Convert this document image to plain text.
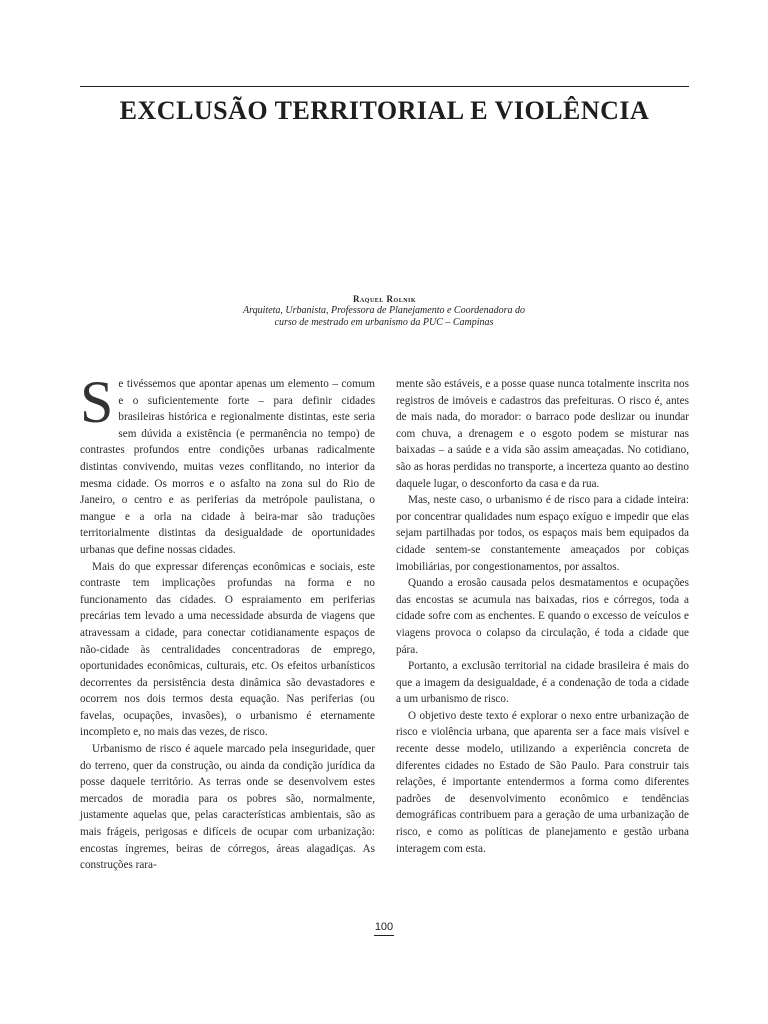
EXCLUSÃO TERRITORIAL E VIOLÊNCIA
Raquel Rolnik
Arquiteta, Urbanista, Professora de Planejamento e Coordenadora do
curso de mestrado em urbanismo da PUC – Campinas

Se tivéssemos que apontar apenas um elemento – comum e o suficientemente forte – para definir cidades brasileiras histórica e regionalmente distintas, este seria sem dúvida a existência (e permanência no tempo) de contrastes profundos entre condições urbanas radicalmente distintas convivendo, muitas vezes conflitando, no interior da mesma cidade. Os morros e o asfalto na zona sul do Rio de Janeiro, o centro e as periferias da metrópole paulistana, o mangue e a orla na cidade à beira-mar são traduções territorialmente distintas da desigualdade de oportunidades urbanas que define nossas cidades.

Mais do que expressar diferenças econômicas e sociais, este contraste tem implicações profundas na forma e no funcionamento das cidades. O espraiamento em periferias precárias tem levado a uma necessidade absurda de viagens que atravessam a cidade, para conectar cotidianamente espaços de não-cidade às centralidades concentradoras de emprego, oportunidades econômicas, culturais, etc. Os efeitos urbanísticos decorrentes da persistência desta dinâmica são devastadores e ocorrem nos dois termos desta equação. Nas periferias (ou favelas, ocupações, invasões), o urbanismo é eternamente incompleto e, no mais das vezes, de risco.

Urbanismo de risco é aquele marcado pela inseguridade, quer do terreno, quer da construção, ou ainda da condição jurídica da posse daquele território. As terras onde se desenvolvem estes mercados de moradia para os pobres são, normalmente, justamente aquelas que, pelas características ambientais, são as mais frágeis, perigosas e difíceis de ocupar com urbanização: encostas íngremes, beiras de córregos, áreas alagadiças. As construções rara-

mente são estáveis, e a posse quase nunca totalmente inscrita nos registros de imóveis e cadastros das prefeituras. O risco é, antes de mais nada, do morador: o barraco pode deslizar ou inundar com chuva, a drenagem e o esgoto podem se misturar nas baixadas – a saúde e a vida são assim ameaçadas. No cotidiano, são as horas perdidas no transporte, a incerteza quanto ao destino daquele lugar, o desconforto da casa e da rua.

Mas, neste caso, o urbanismo é de risco para a cidade inteira: por concentrar qualidades num espaço exíguo e impedir que elas sejam partilhadas por todos, os espaços mais bem equipados da cidade sentem-se constantemente ameaçados por cobiças imobiliárias, por congestionamentos, por assaltos.

Quando a erosão causada pelos desmatamentos e ocupações das encostas se acumula nas baixadas, rios e córregos, toda a cidade sofre com as enchentes. E quando o excesso de veículos e viagens provoca o colapso da circulação, é toda a cidade que pára.

Portanto, a exclusão territorial na cidade brasileira é mais do que a imagem da desigualdade, é a condenação de toda a cidade a um urbanismo de risco.

O objetivo deste texto é explorar o nexo entre urbanização de risco e violência urbana, que aparenta ser a face mais visível e recente desse modelo, utilizando a experiência concreta de diferentes cidades no Estado de São Paulo. Para construir tais relações, é importante entendermos a forma como diferentes padrões de desenvolvimento econômico e tendências demográficas contribuem para a geração de uma urbanização de risco, e como as políticas de planejamento e gestão urbana interagem com esta.

100
